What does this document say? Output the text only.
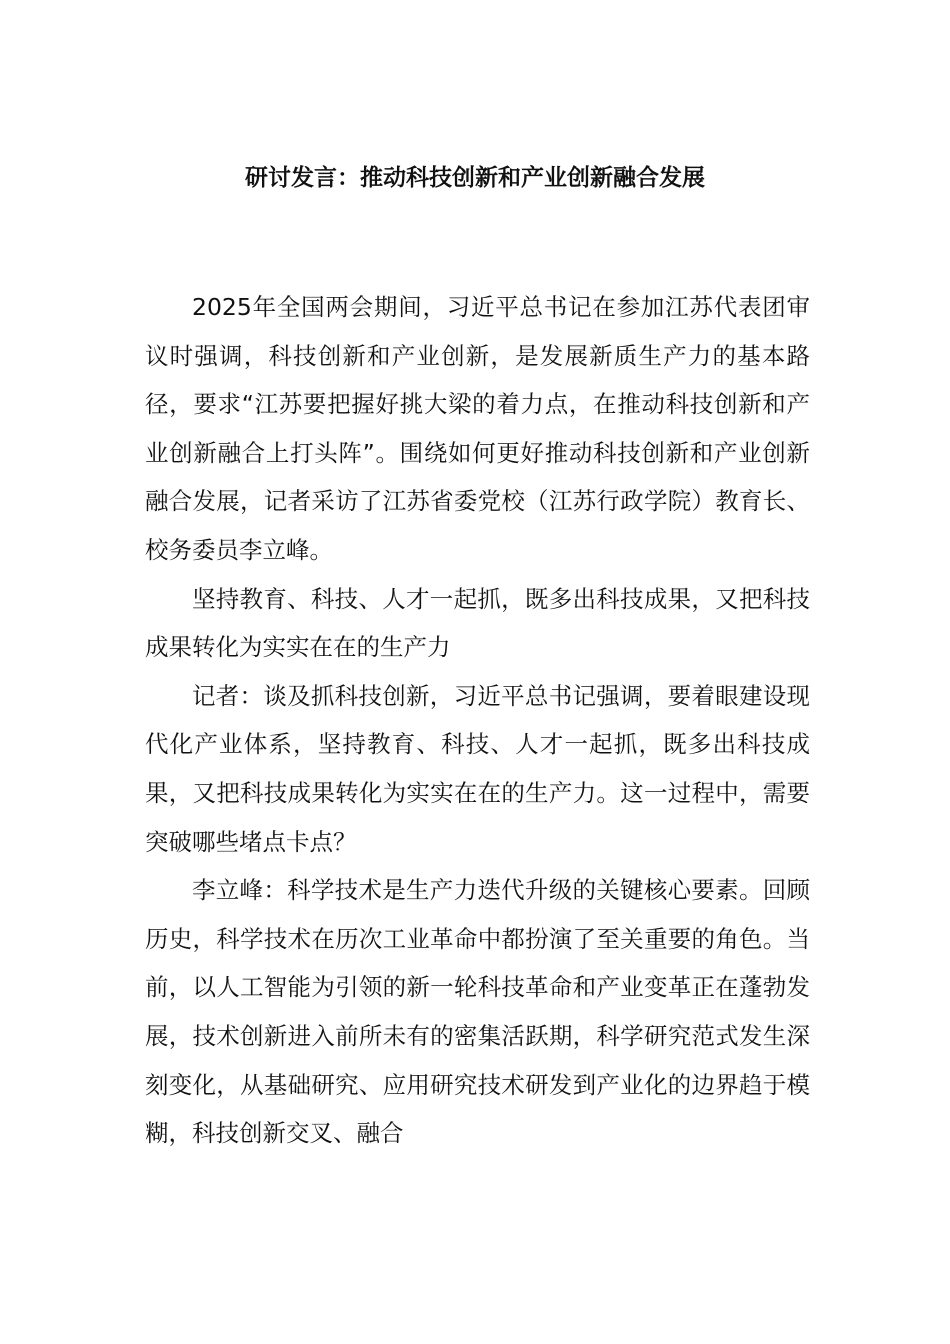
研讨发言：推动科技创新和产业创新融合发展

2025年全国两会期间，习近平总书记在参加江苏代表团审议时强调，科技创新和产业创新，是发展新质生产力的基本路径，要求“江苏要把握好挑大梁的着力点，在推动科技创新和产业创新融合上打头阵”。围绕如何更好推动科技创新和产业创新融合发展，记者采访了江苏省委党校（江苏行政学院）教育长、校务委员李立峰。

坚持教育、科技、人才一起抓，既多出科技成果，又把科技成果转化为实实在在的生产力

记者：谈及抓科技创新，习近平总书记强调，要着眼建设现代化产业体系，坚持教育、科技、人才一起抓，既多出科技成果，又把科技成果转化为实实在在的生产力。这一过程中，需要突破哪些堵点卡点？

李立峰：科学技术是生产力迭代升级的关键核心要素。回顾历史，科学技术在历次工业革命中都扮演了至关重要的角色。当前，以人工智能为引领的新一轮科技革命和产业变革正在蓬勃发展，技术创新进入前所未有的密集活跃期，科学研究范式发生深刻变化，从基础研究、应用研究技术研发到产业化的边界趋于模糊，科技创新交叉、融合
